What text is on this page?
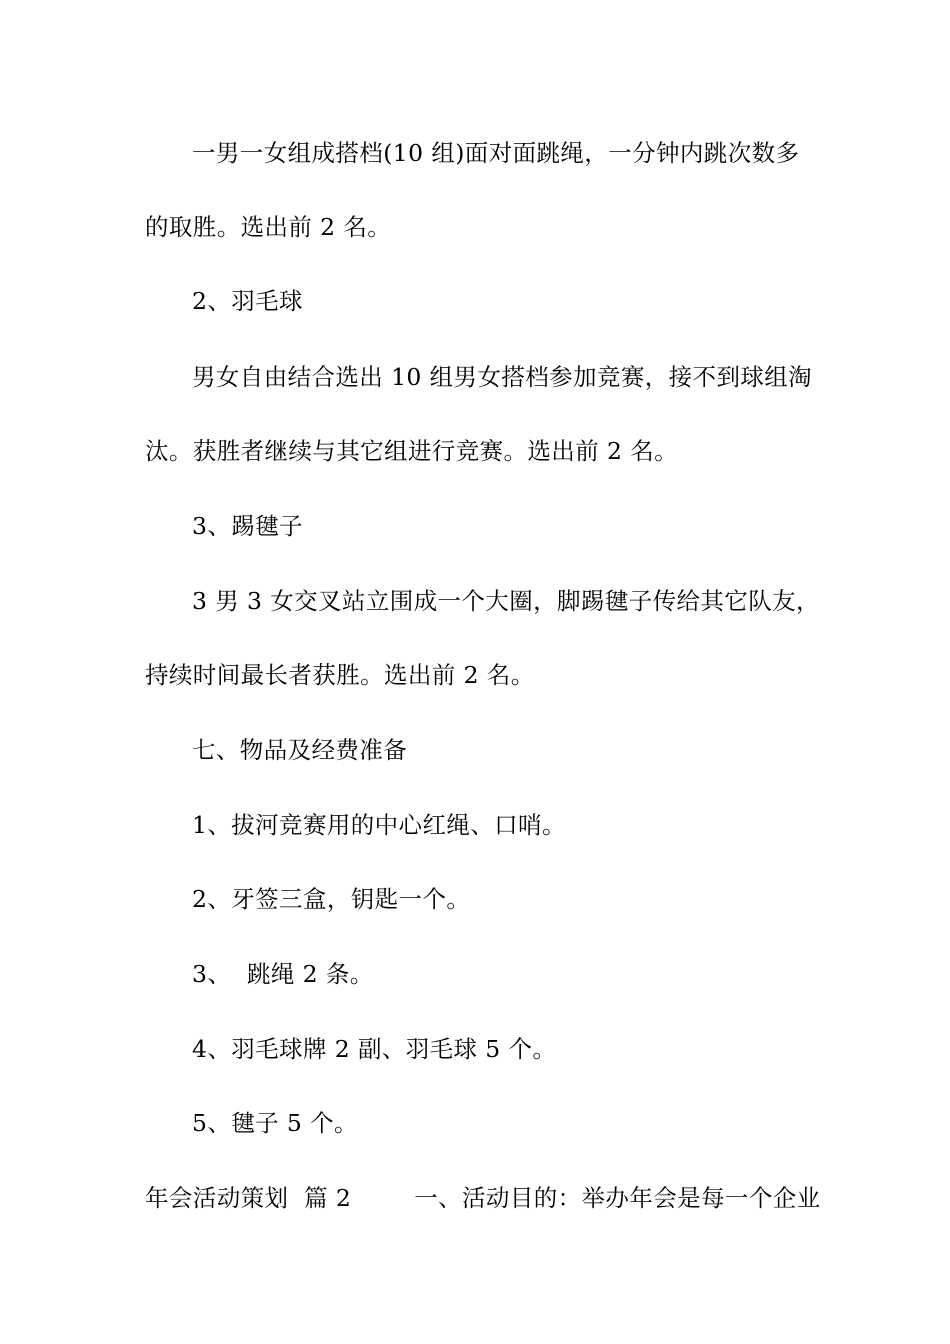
一男一女组成搭档(10 组)面对面跳绳，一分钟内跳次数多
的取胜。选出前 2 名。
2、羽毛球
男女自由结合选出 10 组男女搭档参加竞赛，接不到球组淘
汰。获胜者继续与其它组进行竞赛。选出前 2 名。
3、踢毽子
3 男 3 女交叉站立围成一个大圈，脚踢毽子传给其它队友，
持续时间最长者获胜。选出前 2 名。
七、物品及经费准备
1、拔河竞赛用的中心红绳、口哨。
2、牙签三盒，钥匙一个。
3、  跳绳 2 条。
4、羽毛球牌 2 副、羽毛球 5 个。
5、毽子 5 个。
年会活动策划  篇 2        一、活动目的：举办年会是每一个企业
